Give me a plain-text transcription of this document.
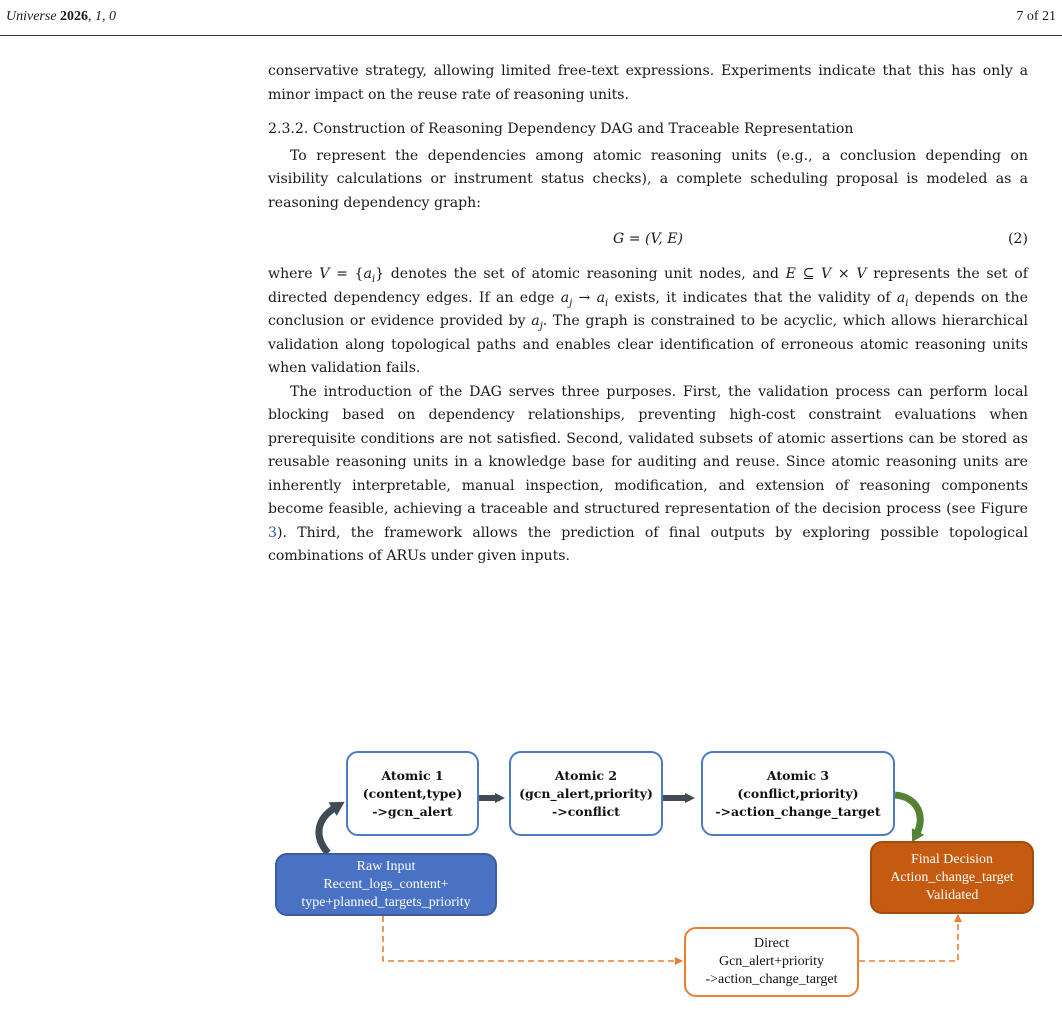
Universe 2026, 1, 0	7 of 21

conservative strategy, allowing limited free-text expressions. Experiments indicate that this has only a minor impact on the reuse rate of reasoning units.

2.3.2. Construction of Reasoning Dependency DAG and Traceable Representation

To represent the dependencies among atomic reasoning units (e.g., a conclusion depending on visibility calculations or instrument status checks), a complete scheduling proposal is modeled as a reasoning dependency graph:

G = (V, E)	(2)

where $V = \{a_i\}$ denotes the set of atomic reasoning unit nodes, and E ⊆ V × V represents the set of directed dependency edges. If an edge $a_j \to a_i$ exists, it indicates that the validity of $a_i$ depends on the conclusion or evidence provided by $a_j$. The graph is constrained to be acyclic, which allows hierarchical validation along topological paths and enables clear identification of erroneous atomic reasoning units when validation fails.

The introduction of the DAG serves three purposes. First, the validation process can perform local blocking based on dependency relationships, preventing high-cost constraint evaluations when prerequisite conditions are not satisfied. Second, validated subsets of atomic assertions can be stored as reusable reasoning units in a knowledge base for auditing and reuse. Since atomic reasoning units are inherently interpretable, manual inspection, modification, and extension of reasoning components become feasible, achieving a traceable and structured representation of the decision process (see Figure 3). Third, the framework allows the prediction of final outputs by exploring possible topological combinations of ARUs under given inputs.

Atomic 1
(content,type)
->gcn_alert
Atomic 2
(gcn_alert,priority)
->conflict
Atomic 3
(conflict,priority)
->action_change_target
Raw Input
Recent_logs_content+
type+planned_targets_priority
Final Decision
Action_change_target
Validated
Direct
Gcn_alert+priority
->action_change_target
